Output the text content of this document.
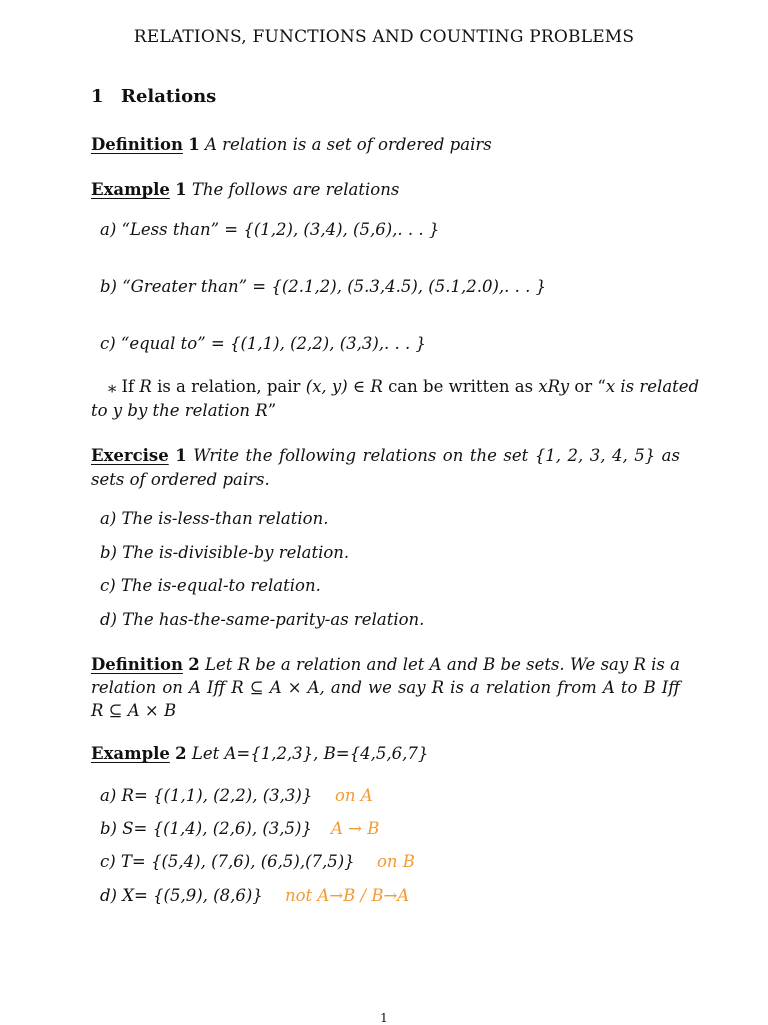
RELATIONS, FUNCTIONS AND COUNTING PROBLEMS
1 Relations
Definition 1 A relation is a set of ordered pairs
Example 1 The follows are relations
a) “Less than” = {(1,2), (3,4), (5,6),. . . }
b) “Greater than” = {(2.1,2), (5.3,4.5), (5.1,2.0),. . . }
c) “equal to” = {(1,1), (2,2), (3,3),. . . }
⁎ If R is a relation, pair (x, y) ∈ R can be written as xRy or “x is related
to y by the relation R”
Exercise 1 Write the following relations on the set {1, 2, 3, 4, 5} as sets of ordered pairs.
a) The is-less-than relation.
b) The is-divisible-by relation.
c) The is-equal-to relation.
d) The has-the-same-parity-as relation.
Definition 2 Let R be a relation and let A and B be sets. We say R is a relation on A Iff R ⊆ A × A, and we say R is a relation from A to B Iff R ⊆ A × B
Example 2 Let A={1,2,3}, B={4,5,6,7}
a) R= {(1,1), (2,2), (3,3)} on A
b) S= {(1,4), (2,6), (3,5)} A → B
c) T= {(5,4), (7,6), (6,5),(7,5)} on B
d) X= {(5,9), (8,6)} not A→B / B→A
1
